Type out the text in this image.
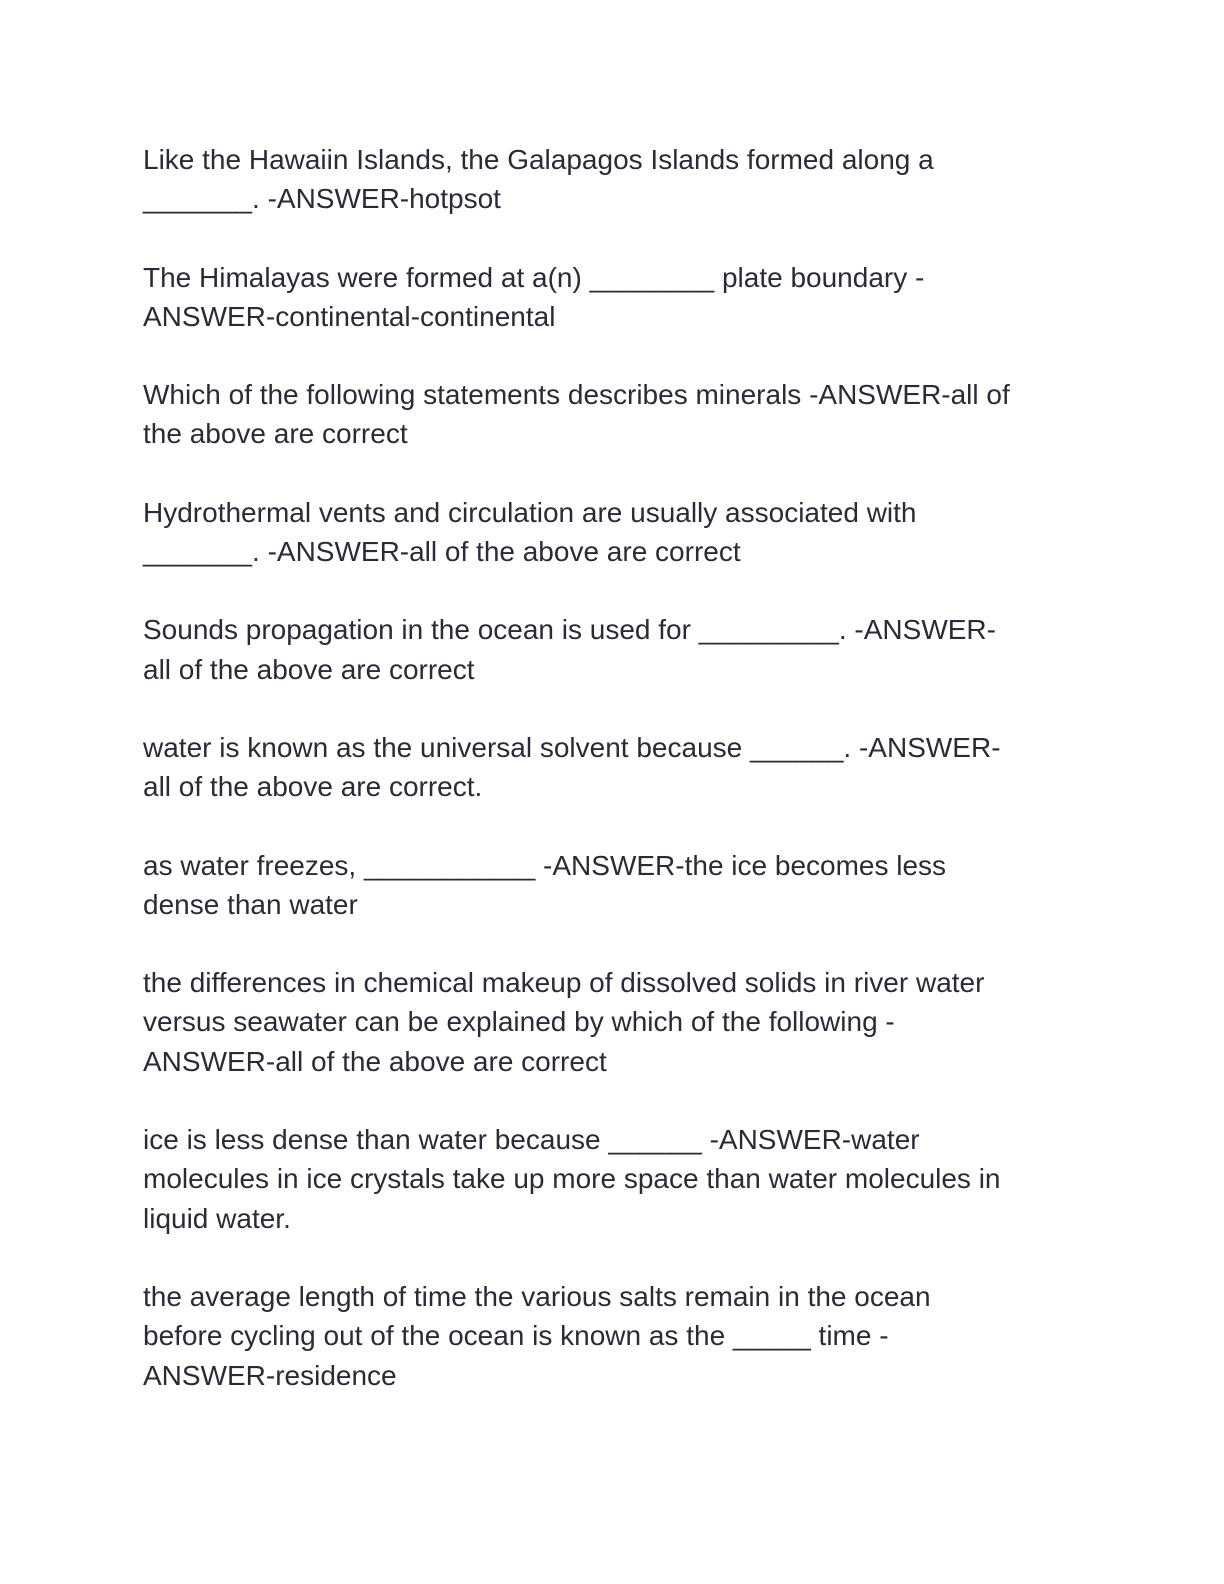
Like the Hawaiin Islands, the Galapagos Islands formed along a
_______. -ANSWER-hotpsot

The Himalayas were formed at a(n) ________ plate boundary -
ANSWER-continental-continental

Which of the following statements describes minerals -ANSWER-all of
the above are correct

Hydrothermal vents and circulation are usually associated with
_______. -ANSWER-all of the above are correct

Sounds propagation in the ocean is used for _________. -ANSWER-
all of the above are correct

water is known as the universal solvent because ______. -ANSWER-
all of the above are correct.

as water freezes, ___________ -ANSWER-the ice becomes less
dense than water

the differences in chemical makeup of dissolved solids in river water
versus seawater can be explained by which of the following -
ANSWER-all of the above are correct

ice is less dense than water because ______ -ANSWER-water
molecules in ice crystals take up more space than water molecules in
liquid water.

the average length of time the various salts remain in the ocean
before cycling out of the ocean is known as the _____ time -
ANSWER-residence
